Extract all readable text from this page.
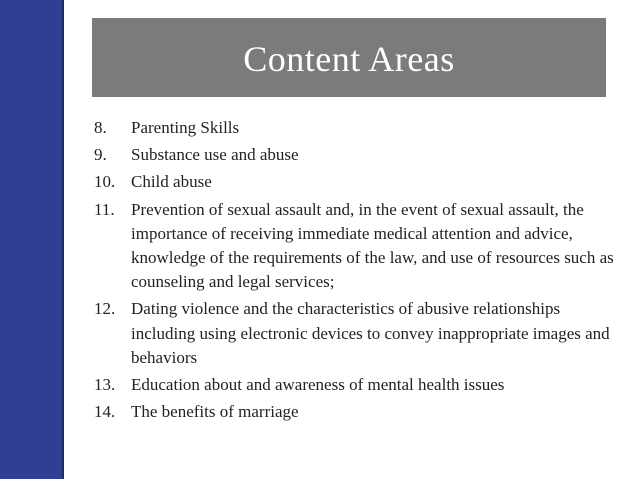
Content Areas
8.	Parenting Skills
9.	Substance use and abuse
10. Child abuse
11. Prevention of sexual assault and, in the event of sexual assault, the importance of receiving immediate medical attention and advice, knowledge of the requirements of the law, and use of resources such as counseling and legal services;
12. Dating violence and the characteristics of abusive relationships including using electronic devices to convey inappropriate images and behaviors
13. Education about and awareness of mental health issues
14. The benefits of marriage
